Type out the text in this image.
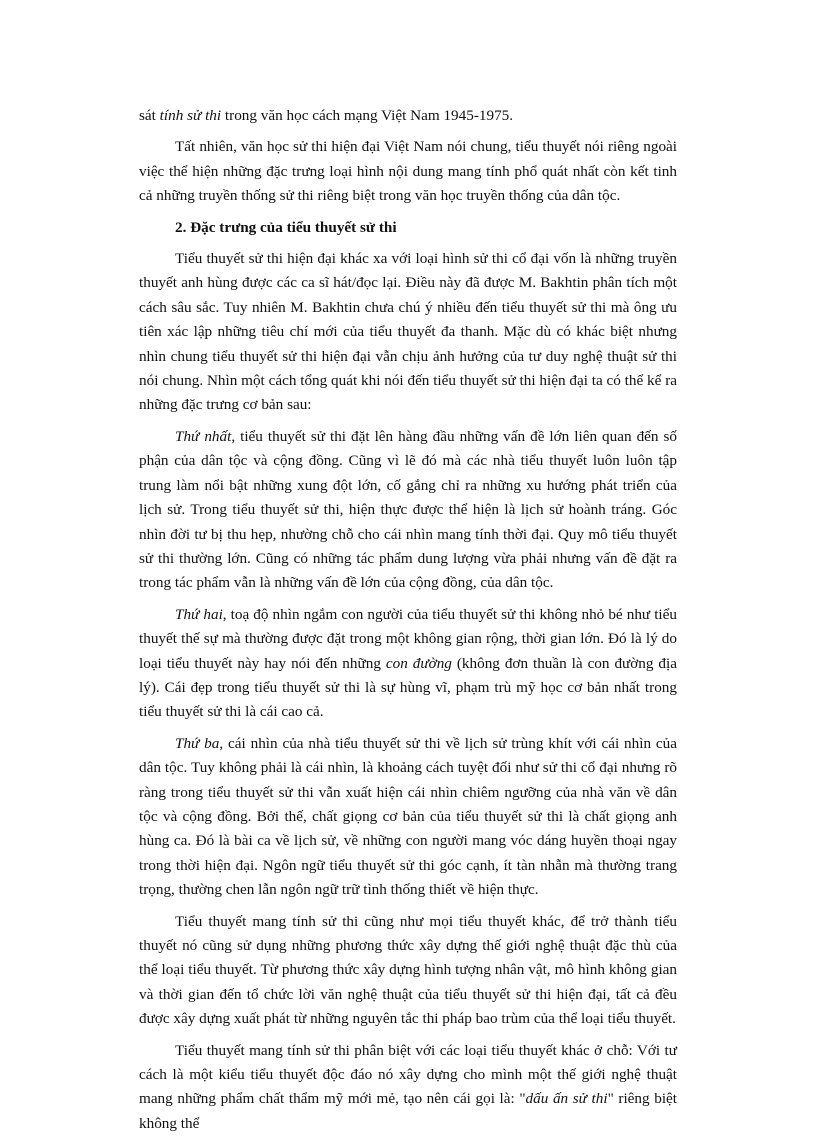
sát tính sử thi trong văn học cách mạng Việt Nam 1945-1975.

Tất nhiên, văn học sử thi hiện đại Việt Nam nói chung, tiểu thuyết nói riêng ngoài việc thể hiện những đặc trưng loại hình nội dung mang tính phổ quát nhất còn kết tinh cả những truyền thống sử thi riêng biệt trong văn học truyền thống của dân tộc.

2. Đặc trưng của tiểu thuyết sử thi

Tiểu thuyết sử thi hiện đại khác xa với loại hình sử thi cổ đại vốn là những truyền thuyết anh hùng được các ca sĩ hát/đọc lại. Điều này đã được M. Bakhtin phân tích một cách sâu sắc. Tuy nhiên M. Bakhtin chưa chú ý nhiều đến tiểu thuyết sử thi mà ông ưu tiên xác lập những tiêu chí mới của tiểu thuyết đa thanh. Mặc dù có khác biệt nhưng nhìn chung tiểu thuyết sử thi hiện đại vẫn chịu ảnh hưởng của tư duy nghệ thuật sử thi nói chung. Nhìn một cách tổng quát khi nói đến tiểu thuyết sử thi hiện đại ta có thể kể ra những đặc trưng cơ bản sau:

Thứ nhất, tiểu thuyết sử thi đặt lên hàng đầu những vấn đề lớn liên quan đến số phận của dân tộc và cộng đồng. Cũng vì lẽ đó mà các nhà tiểu thuyết luôn luôn tập trung làm nổi bật những xung đột lớn, cố gắng chỉ ra những xu hướng phát triển của lịch sử. Trong tiểu thuyết sử thi, hiện thực được thể hiện là lịch sử hoành tráng. Góc nhìn đời tư bị thu hẹp, nhường chỗ cho cái nhìn mang tính thời đại. Quy mô tiểu thuyết sử thi thường lớn. Cũng có những tác phẩm dung lượng vừa phải nhưng vấn đề đặt ra trong tác phẩm vẫn là những vấn đề lớn của cộng đồng, của dân tộc.

Thứ hai, toạ độ nhìn ngắm con người của tiểu thuyết sử thi không nhỏ bé như tiểu thuyết thế sự mà thường được đặt trong một không gian rộng, thời gian lớn. Đó là lý do loại tiểu thuyết này hay nói đến những con đường (không đơn thuần là con đường địa lý). Cái đẹp trong tiểu thuyết sử thi là sự hùng vĩ, phạm trù mỹ học cơ bản nhất trong tiểu thuyết sử thi là cái cao cả.

Thứ ba, cái nhìn của nhà tiểu thuyết sử thi về lịch sử trùng khít với cái nhìn của dân tộc. Tuy không phải là cái nhìn, là khoảng cách tuyệt đối như sử thi cổ đại nhưng rõ ràng trong tiểu thuyết sử thi vẫn xuất hiện cái nhìn chiêm ngưỡng của nhà văn về dân tộc và cộng đồng. Bởi thế, chất giọng cơ bản của tiểu thuyết sử thi là chất giọng anh hùng ca. Đó là bài ca về lịch sử, về những con người mang vóc dáng huyền thoại ngay trong thời hiện đại. Ngôn ngữ tiểu thuyết sử thi góc cạnh, ít tàn nhẫn mà thường trang trọng, thường chen lẫn ngôn ngữ trữ tình thống thiết về hiện thực.

Tiểu thuyết mang tính sử thi cũng như mọi tiểu thuyết khác, để trở thành tiểu thuyết nó cũng sử dụng những phương thức xây dựng thế giới nghệ thuật đặc thù của thể loại tiểu thuyết. Từ phương thức xây dựng hình tượng nhân vật, mô hình không gian và thời gian đến tổ chức lời văn nghệ thuật của tiểu thuyết sử thi hiện đại, tất cả đều được xây dựng xuất phát từ những nguyên tắc thi pháp bao trùm của thể loại tiểu thuyết.

Tiểu thuyết mang tính sử thi phân biệt với các loại tiểu thuyết khác ở chỗ: Với tư cách là một kiểu tiểu thuyết độc đáo nó xây dựng cho mình một thế giới nghệ thuật mang những phẩm chất thẩm mỹ mới mẻ, tạo nên cái gọi là: "dấu ấn sử thi" riêng biệt không thể
